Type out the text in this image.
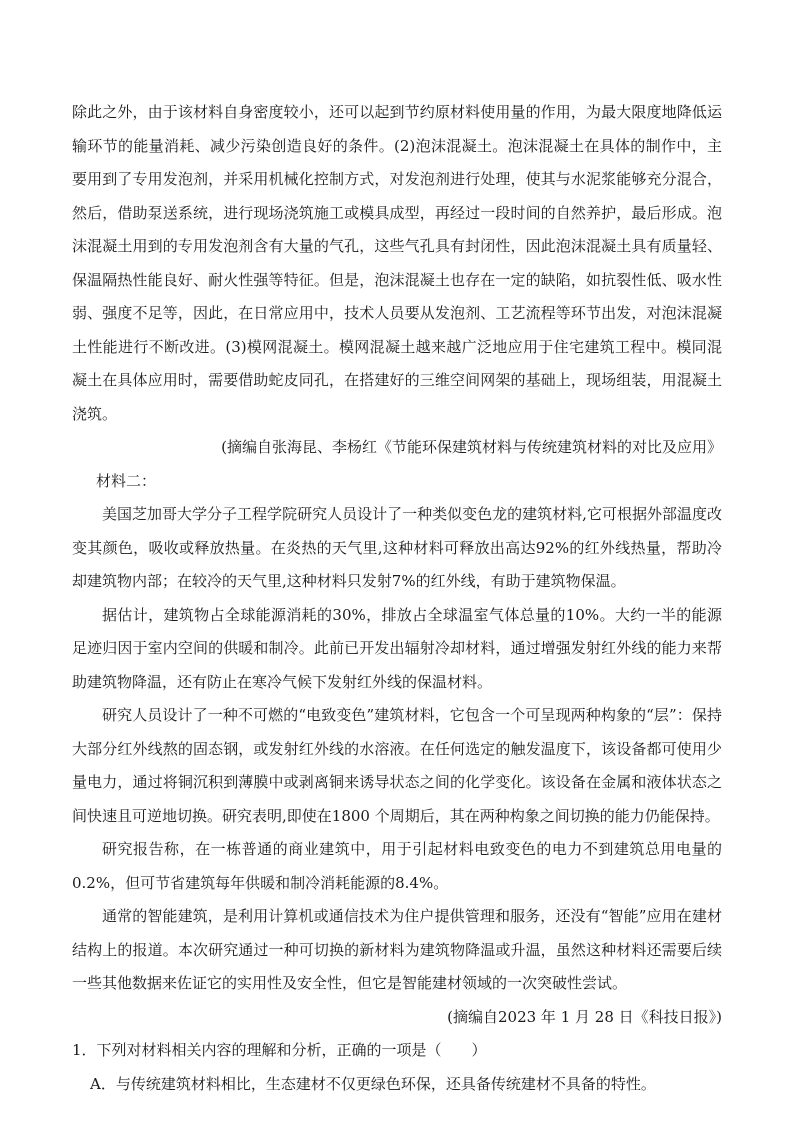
除此之外，由于该材料自身密度较小，还可以起到节约原材料使用量的作用，为最大限度地降低运输环节的能量消耗、减少污染创造良好的条件。(2)泡沫混凝土。泡沫混凝土在具体的制作中，主要用到了专用发泡剂，并采用机械化控制方式，对发泡剂进行处理，使其与水泥浆能够充分混合，然后，借助泵送系统，进行现场浇筑施工或模具成型，再经过一段时间的自然养护，最后形成。泡沫混凝土用到的专用发泡剂含有大量的气孔，这些气孔具有封闭性，因此泡沫混凝土具有质量轻、保温隔热性能良好、耐火性强等特征。但是，泡沫混凝土也存在一定的缺陷，如抗裂性低、吸水性弱、强度不足等，因此，在日常应用中，技术人员要从发泡剂、工艺流程等环节出发，对泡沫混凝土性能进行不断改进。(3)模网混凝土。模网混凝土越来越广泛地应用于住宅建筑工程中。模同混凝土在具体应用时，需要借助蛇皮同孔，在搭建好的三维空间网架的基础上，现场组装，用混凝土浇筑。

(摘编自张海昆、李杨红《节能环保建筑材料与传统建筑材料的对比及应用》

材料二：

美国芝加哥大学分子工程学院研究人员设计了一种类似变色龙的建筑材料,它可根据外部温度改变其颜色，吸收或释放热量。在炎热的天气里,这种材料可释放出高达92%的红外线热量，帮助冷却建筑物内部；在较冷的天气里,这种材料只发射7%的红外线，有助于建筑物保温。

据估计，建筑物占全球能源消耗的30%，排放占全球温室气体总量的10%。大约一半的能源足迹归因于室内空间的供暖和制冷。此前已开发出辐射冷却材料，通过增强发射红外线的能力来帮助建筑物降温，还有防止在寒冷气候下发射红外线的保温材料。

研究人员设计了一种不可燃的“电致变色”建筑材料，它包含一个可呈现两种构象的“层”：保持大部分红外线熬的固态钢，或发射红外线的水溶液。在任何选定的触发温度下，该设备都可使用少量电力，通过将铜沉积到薄膜中或剥离铜来诱导状态之间的化学变化。该设备在金属和液体状态之间快速且可逆地切换。研究表明,即使在1800 个周期后，其在两种构象之间切换的能力仍能保持。

研究报告称，在一栋普通的商业建筑中，用于引起材料电致变色的电力不到建筑总用电量的0.2%，但可节省建筑每年供暖和制冷消耗能源的8.4%。

通常的智能建筑，是利用计算机或通信技术为住户提供管理和服务，还没有“智能”应用在建材结构上的报道。本次研究通过一种可切换的新材料为建筑物降温或升温，虽然这种材料还需要后续一些其他数据来佐证它的实用性及安全性，但它是智能建材领域的一次突破性尝试。

(摘编自2023 年 1 月 28 日《科技日报》)

1．下列对材料相关内容的理解和分析，正确的一项是（　　）

A．与传统建筑材料相比，生态建材不仅更绿色环保，还具备传统建材不具备的特性。
